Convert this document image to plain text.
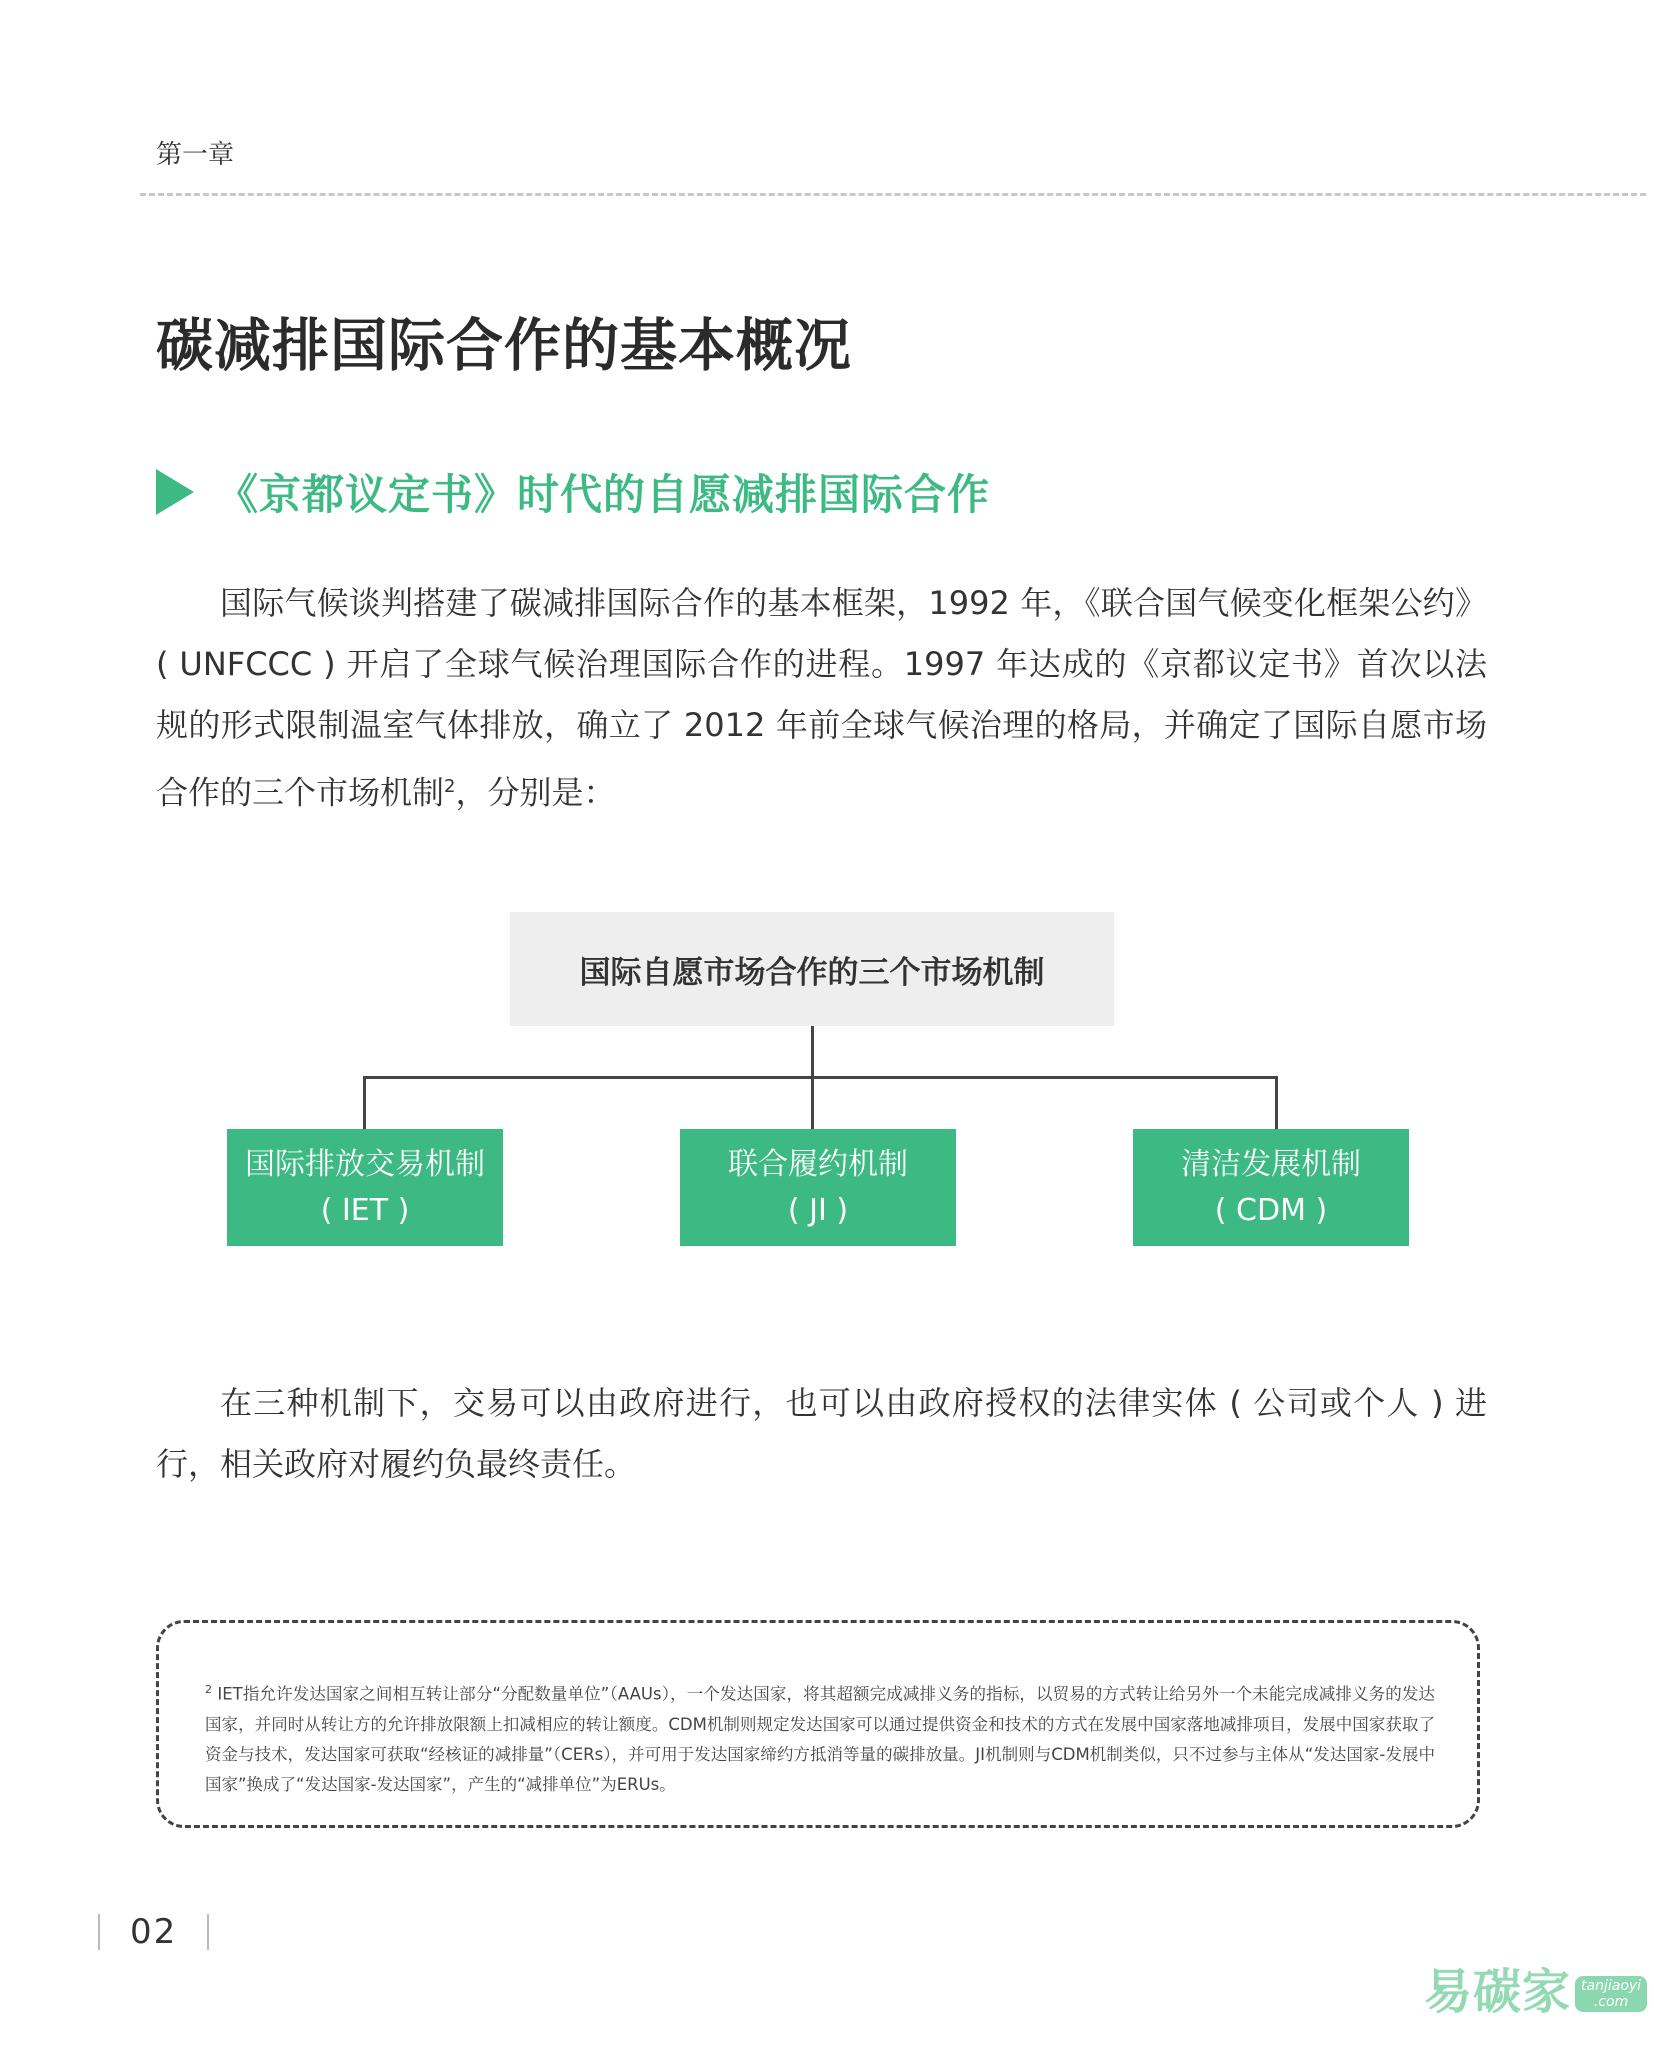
第一章
碳减排国际合作的基本概况
《京都议定书》时代的自愿减排国际合作

国际气候谈判搭建了碳减排国际合作的基本框架，1992 年，《联合国气候变化框架公约》( UNFCCC ) 开启了全球气候治理国际合作的进程。1997 年达成的《京都议定书》首次以法规的形式限制温室气体排放，确立了 2012 年前全球气候治理的格局，并确定了国际自愿市场合作的三个市场机制$^2$，分别是：

国际自愿市场合作的三个市场机制
国际排放交易机制
( IET )
联合履约机制
( JI )
清洁发展机制
( CDM )

在三种机制下，交易可以由政府进行，也可以由政府授权的法律实体 ( 公司或个人 ) 进行，相关政府对履约负最终责任。

$^2$ IET指允许发达国家之间相互转让部分“分配数量单位”（AAUs），一个发达国家，将其超额完成减排义务的指标，以贸易的方式转让给另外一个未能完成减排义务的发达国家，并同时从转让方的允许排放限额上扣减相应的转让额度。CDM机制则规定发达国家可以通过提供资金和技术的方式在发展中国家落地减排项目，发展中国家获取了资金与技术，发达国家可获取“经核证的减排量”（CERs），并可用于发达国家缔约方抵消等量的碳排放量。JI机制则与CDM机制类似，只不过参与主体从“发达国家-发展中国家”换成了“发达国家-发达国家”，产生的“减排单位”为ERUs。
02
易碳家 tanjiaoyi
.com
